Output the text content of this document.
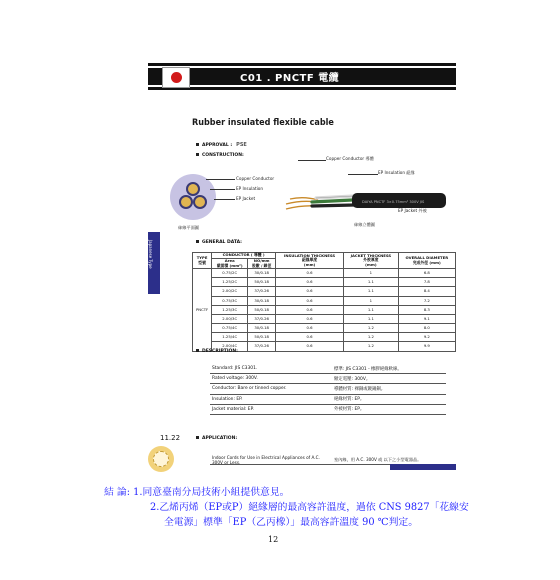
C01 . PNCTF 電纜
Rubber insulated flexible cable
APPROVAL : PSE
CONSTRUCTION:
Copper Conductor
EP Insulation
EP Jacket
絲線平面圖
DAIYA PNCTF 3×0.75mm² 300V JIS
Copper Conductor 導體
EP Insulation 絕緣
EP Jacket 外被
絲線立體圖
Japanese Type	GENERAL DATA:
TYPE
型號	CONDUCTOR ( 導體 )		INSULATION THICKNESS
絕緣厚度
(mm)	JACKET THICKNESS
外被厚度
(mm)	OVERALL DIAMETER
完成外徑 (mm)
	Area
截面積 (mm²)	NO/mm
股數 / 線徑			
PNCTF	0.75/2C	30/0.18	0.6	1	6.8
	1.25/2C	50/0.18	0.6	1.1	7.8
	2.00/2C	37/0.26	0.6	1.1	8.4
	0.75/3C	30/0.18	0.6	1	7.2
	1.25/3C	50/0.18	0.6	1.1	8.3
	2.00/3C	37/0.26	0.6	1.1	9.1
	0.75/4C	30/0.18	0.6	1.2	8.0
	1.25/4C	50/0.18	0.6	1.2	9.2
	2.00/4C	37/0.26	0.6	1.2	9.9
DESCRIPTION:
Standard: JIS C3301.	標準: JIS C3301 - 橡膠絕緣軟線。
Rated voltage: 300V.	額定電壓: 300V。
Conductor: Bare or tinned copper.	導體材質: 裸銅或鍍錫銅。
Insulation: EP.	絕緣材質: EP。
Jacket material: EP.	外被材質: EP。
11.22	APPLICATION:
Indoor Cords for Use in Electrical Appliances of A.C. 300V or Less.
室內線，用 A.C. 300V 或 以下之小型電器品。
結 論: 1.同意臺南分局技術小組提供意見。
2.乙烯丙烯（EP或P）絕緣層的最高容許溫度，過依 CNS 9827「花線安
全電源」標準「EP（乙丙橡）」最高容許溫度 90 ℃判定。
12
